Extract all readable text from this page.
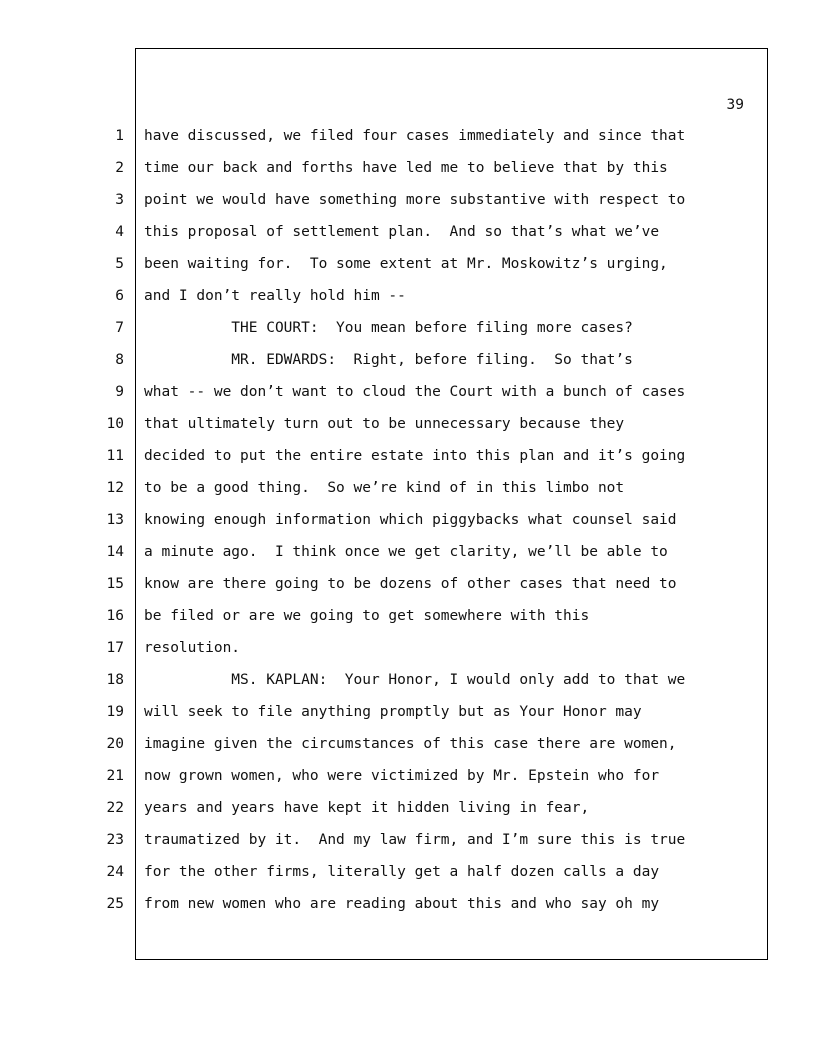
39
1 have discussed, we filed four cases immediately and since that
2 time our back and forths have led me to believe that by this
3 point we would have something more substantive with respect to
4 this proposal of settlement plan.  And so that’s what we’ve
5 been waiting for.  To some extent at Mr. Moskowitz’s urging,
6 and I don’t really hold him --
7 THE COURT:  You mean before filing more cases?
8 MR. EDWARDS:  Right, before filing.  So that’s
9 what -- we don’t want to cloud the Court with a bunch of cases
10 that ultimately turn out to be unnecessary because they
11 decided to put the entire estate into this plan and it’s going
12 to be a good thing.  So we’re kind of in this limbo not
13 knowing enough information which piggybacks what counsel said
14 a minute ago.  I think once we get clarity, we’ll be able to
15 know are there going to be dozens of other cases that need to
16 be filed or are we going to get somewhere with this
17 resolution.
18 MS. KAPLAN:  Your Honor, I would only add to that we
19 will seek to file anything promptly but as Your Honor may
20 imagine given the circumstances of this case there are women,
21 now grown women, who were victimized by Mr. Epstein who for
22 years and years have kept it hidden living in fear,
23 traumatized by it.  And my law firm, and I’m sure this is true
24 for the other firms, literally get a half dozen calls a day
25 from new women who are reading about this and who say oh my
